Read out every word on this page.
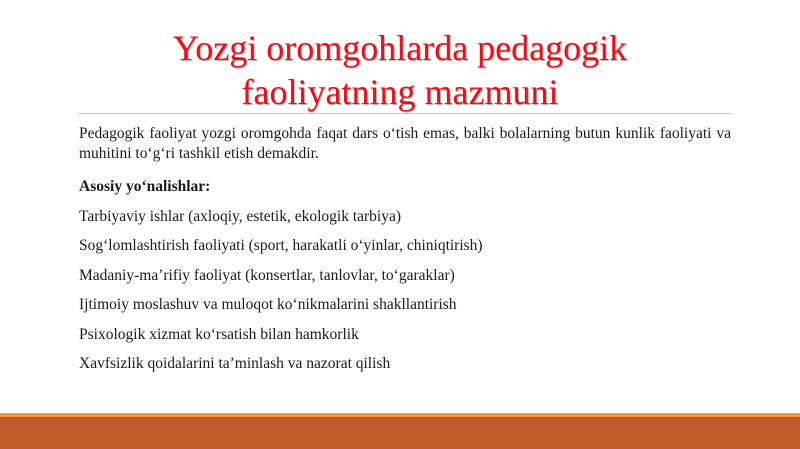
Yozgi oromgohlarda pedagogik
faoliyatning mazmuni

Pedagogik faoliyat yozgi oromgohda faqat dars o‘tish emas, balki bolalarning butun kunlik faoliyati va muhitini to‘g‘ri tashkil etish demakdir.

Asosiy yo‘nalishlar:

Tarbiyaviy ishlar (axloqiy, estetik, ekologik tarbiya)
Sog‘lomlashtirish faoliyati (sport, harakatli o‘yinlar, chiniqtirish)
Madaniy-ma’rifiy faoliyat (konsertlar, tanlovlar, to‘garaklar)
Ijtimoiy moslashuv va muloqot ko‘nikmalarini shakllantirish
Psixologik xizmat ko‘rsatish bilan hamkorlik
Xavfsizlik qoidalarini ta’minlash va nazorat qilish
